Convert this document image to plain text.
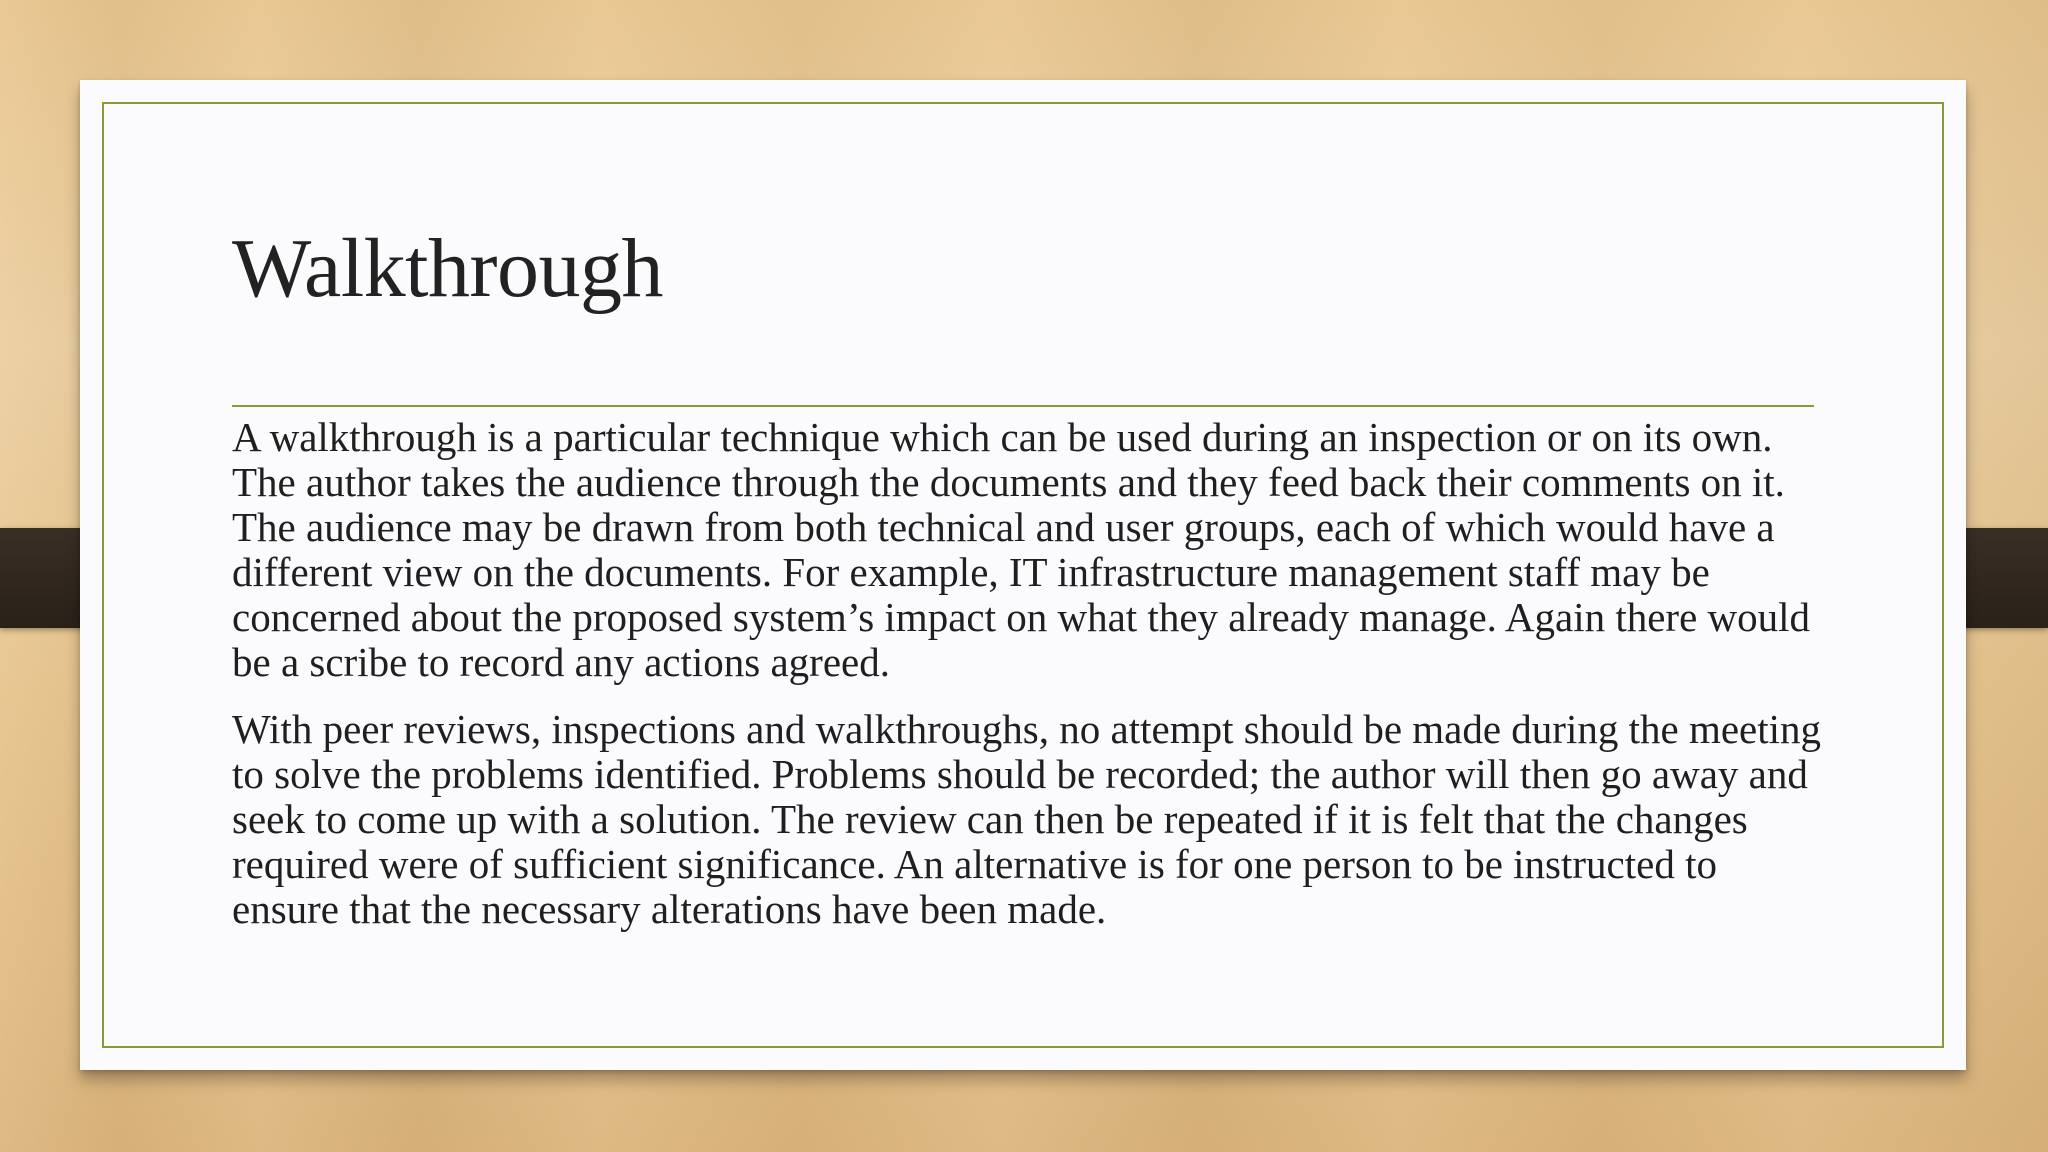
Walkthrough

A walkthrough is a particular technique which can be used during an inspection or on its own. The author takes the audience through the documents and they feed back their comments on it. The audience may be drawn from both technical and user groups, each of which would have a different view on the documents. For example, IT infrastructure management staff may be concerned about the proposed system’s impact on what they already manage. Again there would be a scribe to record any actions agreed.

With peer reviews, inspections and walkthroughs, no attempt should be made during the meeting to solve the problems identified. Problems should be recorded; the author will then go away and seek to come up with a solution. The review can then be repeated if it is felt that the changes required were of sufficient significance. An alternative is for one person to be instructed to ensure that the necessary alterations have been made.
